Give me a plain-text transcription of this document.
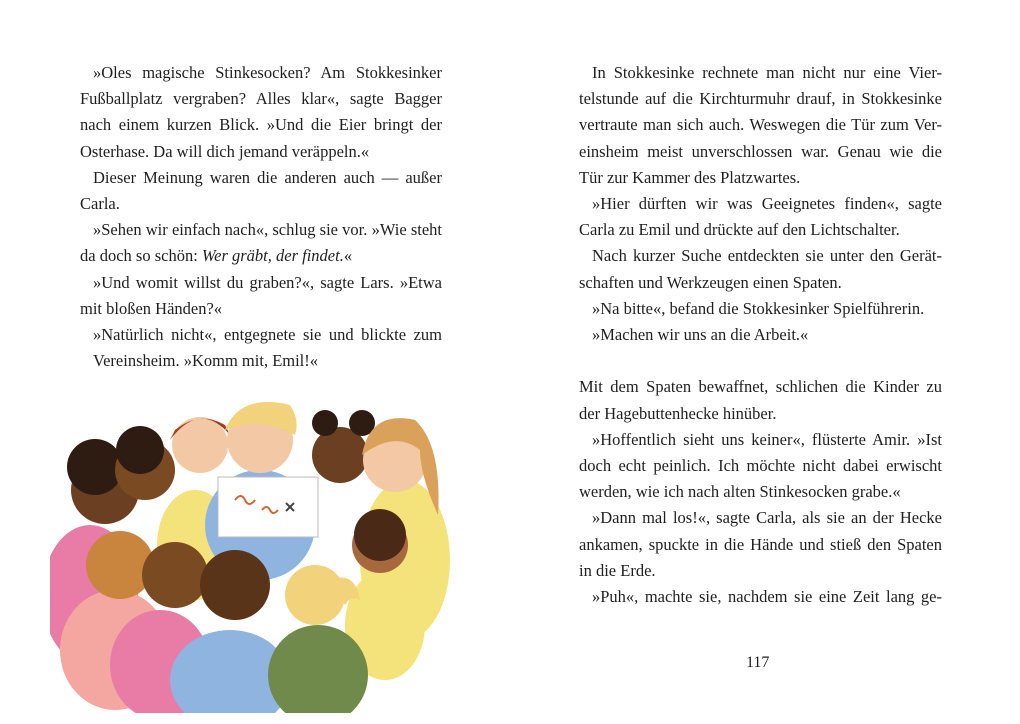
»Oles magische Stinkesocken? Am Stokkesinker
Fußballplatz vergraben? Alles klar«, sagte Bagger
nach einem kurzen Blick. »Und die Eier bringt der
Osterhase. Da will dich jemand veräppeln.«
Dieser Meinung waren die anderen auch — außer
Carla.
»Sehen wir einfach nach«, schlug sie vor. »Wie steht
da doch so schön: Wer gräbt, der findet.«
»Und womit willst du graben?«, sagte Lars. »Etwa
mit bloßen Händen?«
»Natürlich nicht«, entgegnete sie und blickte zum
Vereinsheim. »Komm mit, Emil!«
In Stokkesinke rechnete man nicht nur eine Vier-
telstunde auf die Kirchturmuhr drauf, in Stokkesinke
vertraute man sich auch. Weswegen die Tür zum Ver-
einsheim meist unverschlossen war. Genau wie die
Tür zur Kammer des Platzwartes.
»Hier dürften wir was Geeignetes finden«, sagte
Carla zu Emil und drückte auf den Lichtschalter.
Nach kurzer Suche entdeckten sie unter den Gerät-
schaften und Werkzeugen einen Spaten.
»Na bitte«, befand die Stokkesinker Spielführerin.
»Machen wir uns an die Arbeit.«
Mit dem Spaten bewaffnet, schlichen die Kinder zu
der Hagebuttenhecke hinüber.
»Hoffentlich sieht uns keiner«, flüsterte Amir. »Ist
doch echt peinlich. Ich möchte nicht dabei erwischt
werden, wie ich nach alten Stinkesocken grabe.«
»Dann mal los!«, sagte Carla, als sie an der Hecke
ankamen, spuckte in die Hände und stieß den Spaten
in die Erde.
»Puh«, machte sie, nachdem sie eine Zeit lang ge-
117
